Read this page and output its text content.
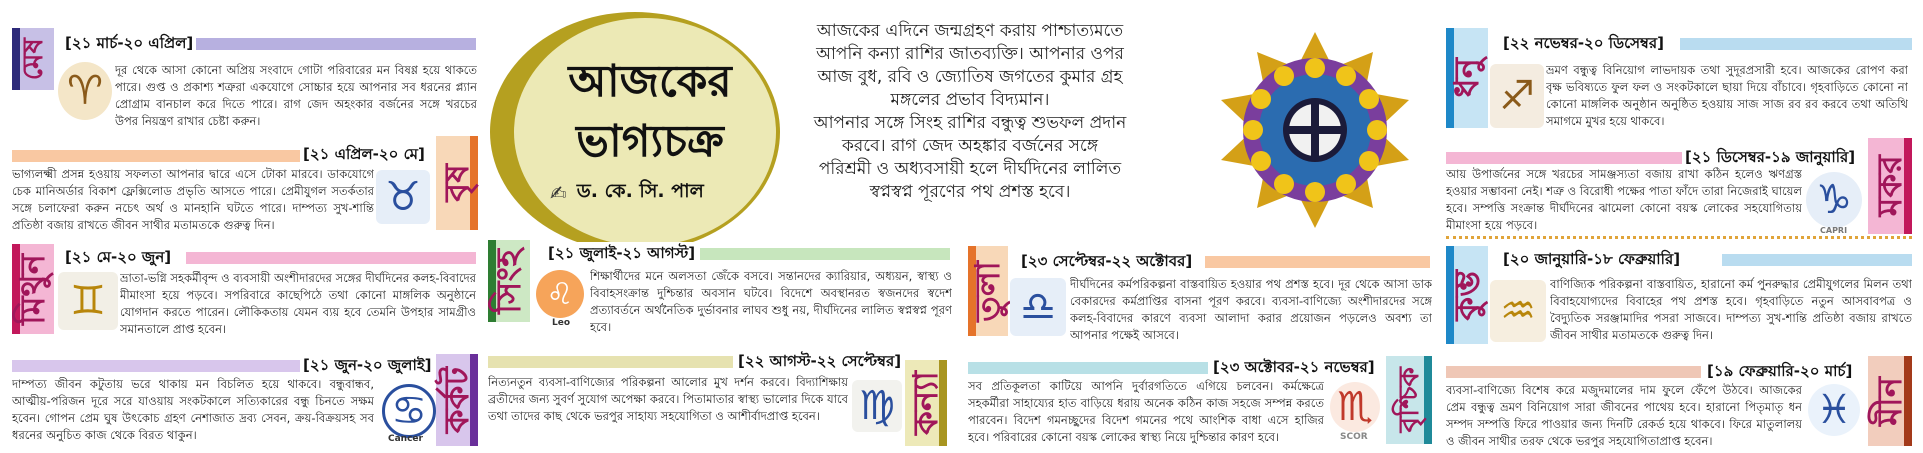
আজকের
ভাগ্যচক্র
✍ ড. কে. সি. পাল
আজকের এদিনে জন্মগ্রহণ করায় পাশ্চাত্যমতে
আপনি কন্যা রাশির জাতব্যক্তি। আপনার ওপর
আজ বুধ, রবি ও জ্যোতিষ জগতের কুমার গ্রহ
মঙ্গলের প্রভাব বিদ্যমান।
আপনার সঙ্গে সিংহ রাশির বন্ধুত্ব শুভফল প্রদান
করবে। রাগ জেদ অহঙ্কার বর্জনের সঙ্গে
পরিশ্রমী ও অধ্যবসায়ী হলে দীর্ঘদিনের লালিত
স্বপ্নস্বপ্ন পূরণের পথ প্রশস্ত হবে।
মেষ	[২১ মার্চ-২০ এপ্রিল]
♈	দূর থেকে আসা কোনো অপ্রিয় সংবাদে গোটা পরিবারের মন বিষণ্ণ হয়ে থাকতে পারে। গুপ্ত ও প্রকাশ্য শত্রুরা একযোগে সোচ্চার হয়ে আপনার সব ধরনের প্ল্যান প্রোগ্রাম বানচাল করে দিতে পারে। রাগ জেদ অহংকার বর্জনের সঙ্গে খরচের উপর নিয়ন্ত্রণ রাখার চেষ্টা করুন।
[২১ এপ্রিল-২০ মে]
বৃষ
ভাগ্যলক্ষ্মী প্রসন্ন হওয়ায় সফলতা আপনার দ্বারে এসে টোকা মারবে। ডাকযোগে চেক মানিঅর্ডার বিকাশ ফ্লেক্সিলোড প্রভৃতি আসতে পারে। প্রেমীযুগল সতর্কতার সঙ্গে চলাফেরা করুন নচেৎ অর্থ ও মানহানি ঘটতে পারে। দাম্পত্য সুখ-শান্তি প্রতিষ্ঠা বজায় রাখতে জীবন সাথীর মতামতকে গুরুত্ব দিন।
♉
মিথুন [২১ মে-২০ জুন]
♊	ভ্রাতা-ভগ্নি সহকর্মীবৃন্দ ও ব্যবসায়ী অংশীদারদের সঙ্গের দীর্ঘদিনের কলহ-বিবাদের মীমাংসা হয়ে পড়বে। সপরিবারে কাছেপিঠে তথা কোনো মাঙ্গলিক অনুষ্ঠানে যোগদান করতে পারেন। লৌকিকতায় যেমন ব্যয় হবে তেমনি উপহার সামগ্রীও সমানতালে প্রাপ্ত হবেন।
[২১ জুন-২০ জুলাই]
কর্কট
দাম্পত্য জীবন কটুতায় ভরে থাকায় মন বিচলিত হয়ে থাকবে। বন্ধুবান্ধব, আত্মীয়-পরিজন দূরে সরে যাওয়ায় সংকটকালে সত্যিকারের বন্ধু চিনতে সক্ষম হবেন। গোপন প্রেম ঘুষ উৎকোচ গ্রহণ নেশাজাত দ্রব্য সেবন, ক্রয়-বিক্রয়সহ সব ধরনের অনুচিত কাজ থেকে বিরত থাকুন।
♋
Cancer
সিংহ	[২১ জুলাই-২১ আগস্ট]
♌
Leo
শিক্ষার্থীদের মনে অলসতা জেঁকে বসবে। সন্তানদের ক্যারিয়ার, অধ্যয়ন, স্বাস্থ্য ও বিবাহসংক্রান্ত দুশ্চিন্তার অবসান ঘটবে। বিদেশে অবস্থানরত স্বজনদের স্বদেশ প্রত্যাবর্তনে অর্থনৈতিক দুর্ভাবনার লাঘব শুধু নয়, দীর্ঘদিনের লালিত স্বপ্নস্বপ্ন পূরণ হবে।
[২২ আগস্ট-২২ সেপ্টেম্বর]
কন্যা
নিত্যনতুন ব্যবসা-বাণিজ্যের পরিকল্পনা আলোর মুখ দর্শন করবে। বিদ্যাশিক্ষায় ব্রতীদের জন্য সুবর্ণ সুযোগ অপেক্ষা করবে। পিতামাতার স্বাস্থ্য ভালোর দিকে যাবে তথা তাদের কাছ থেকে ভরপুর সাহায্য সহযোগিতা ও আশীর্বাদপ্রাপ্ত হবেন। ♍
তুলা [২৩ সেপ্টেম্বর-২২ অক্টোবর]
♎	দীর্ঘদিনের কর্মপরিকল্পনা বাস্তবায়িত হওয়ার পথ প্রশস্ত হবে। দূর থেকে আসা ডাক বেকারদের কর্মপ্রাপ্তির বাসনা পূরণ করবে। ব্যবসা-বাণিজ্যে অংশীদারদের সঙ্গে কলহ-বিবাদের কারণে ব্যবসা আলাদা করার প্রয়োজন পড়লেও অবশ্য তা আপনার পক্ষেই আসবে।
[২৩ অক্টোবর-২১ নভেম্বর]
বৃশ্চিক
সব প্রতিকূলতা কাটিয়ে আপনি দুর্বারগতিতে এগিয়ে চলবেন। কর্মক্ষেত্রে সহকর্মীরা সাহায্যের হাত বাড়িয়ে ধরায় অনেক কঠিন কাজ সহজে সম্পন্ন করতে পারবেন। বিদেশ গমনচ্ছুদের বিদেশ গমনের পথে আংশিক বাধা এসে হাজির হবে। পরিবারের কোনো বয়স্ক লোকের স্বাস্থ্য নিয়ে দুশ্চিন্তার কারণ হবে।
♏
SCOR
ধনু
[২২ নভেম্বর-২০ ডিসেম্বর]
♐
ভ্রমণ বন্ধুত্ব বিনিয়োগ লাভদায়ক তথা সুদূরপ্রসারী হবে। আজকের রোপণ করা বৃক্ষ ভবিষ্যতে ফুল ফল ও সংকটকালে ছায়া দিয়ে বাঁচাবে। গৃহবাড়িতে কোনো না কোনো মাঙ্গলিক অনুষ্ঠান অনুষ্ঠিত হওয়ায় সাজ সাজ রব রব করবে তথা অতিথি সমাগমে মুখর হয়ে থাকবে।
[২১ ডিসেম্বর-১৯ জানুয়ারি] মকর
আয় উপার্জনের সঙ্গে খরচের সামঞ্জস্যতা বজায় রাখা কঠিন হলেও ঋণগ্রস্ত হওয়ার সম্ভাবনা নেই। শত্রু ও বিরোধী পক্ষের পাতা ফাঁদে তারা নিজেরাই ঘায়েল হবে। সম্পত্তি সংক্রান্ত দীর্ঘদিনের ঝামেলা কোনো বয়স্ক লোকের সহযোগিতায় মীমাংসা হয়ে পড়বে।
♑
CAPRI
কুম্ভ
[২০ জানুয়ারি-১৮ ফেব্রুয়ারি]
♒
বাণিজ্যিক পরিকল্পনা বাস্তবায়িত, হারানো কর্ম পুনরুদ্ধার প্রেমীযুগলের মিলন তথা বিবাহযোগ্যদের বিবাহের পথ প্রশস্ত হবে। গৃহবাড়িতে নতুন আসবাবপত্র ও বৈদ্যুতিক সরঞ্জামাদির পসরা সাজবে। দাম্পত্য সুখ-শান্তি প্রতিষ্ঠা বজায় রাখতে জীবন সাথীর মতামতকে গুরুত্ব দিন।
[১৯ ফেব্রুয়ারি-২০ মার্চ]
মীন
ব্যবসা-বাণিজ্যে বিশেষ করে মজুদমালের দাম ফুলে ফেঁপে উঠবে। আজকের প্রেম বন্ধুত্ব ভ্রমণ বিনিয়োগ সারা জীবনের পাথেয় হবে। হারানো পিতৃমাতৃ ধন সম্পদ সম্পত্তি ফিরে পাওয়ার জন্য দিনটি রেকর্ড হয়ে থাকবে। ফিরে মাতুলালয় ও জীবন সাথীর তরফ থেকে ভরপুর সহযোগিতাপ্রাপ্ত হবেন।
♓
